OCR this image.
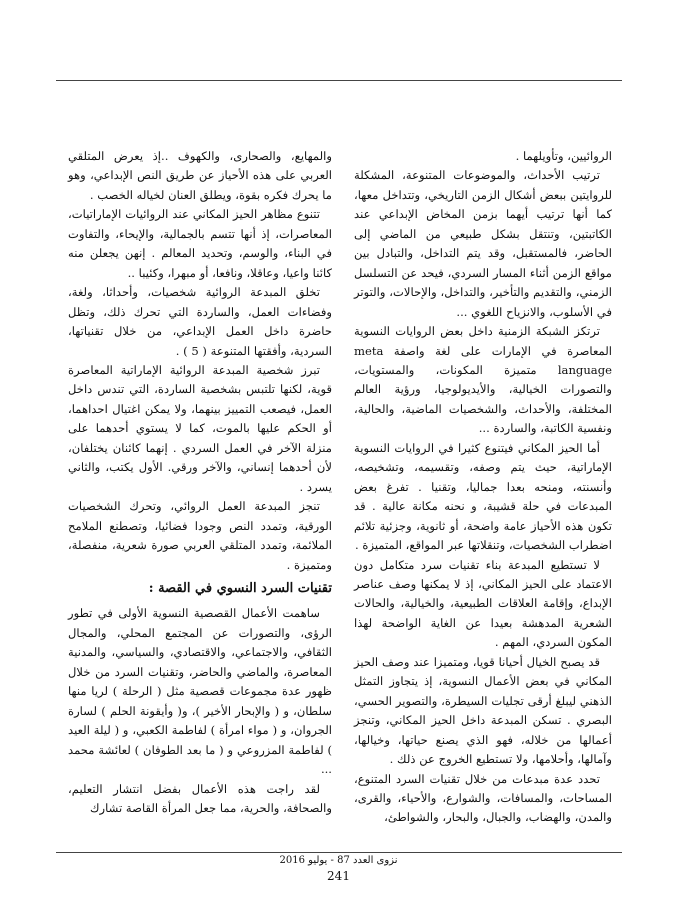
الروائيين، وتأويلهما .

ترتيب الأحداث، والموضوعات المتنوعة، المشكلة للروايتين ببعض أشكال الزمن التاريخي، وتتداخل معها، كما أنها ترتيب أيهما بزمن المخاض الإبداعي عند الكاتبتين، وتنتقل بشكل طبيعي من الماضي إلى الحاضر، فالمستقبل، وقد يتم التداخل، والتبادل بين مواقع الزمن أثناء المسار السردي، فيحد عن التسلسل الزمني، والتقديم والتأخير، والتداخل، والإحالات، والتوتر في الأسلوب، والانزياح اللغوي ...

ترتكز الشبكة الزمنية داخل بعض الروايات النسوية المعاصرة في الإمارات على لغة واصفة meta language متميزة المكونات، والمستويات، والتصورات الخيالية، والأيديولوجيا، ورؤية العالم المختلفة، والأحداث، والشخصيات الماضية، والحالية، ونفسية الكاتبة، والساردة ...

أما الحيز المكاني فيتنوع كثيرا في الروايات النسوية الإماراتية، حيث يتم وصفه، وتقسيمه، وتشخيصه، وأنسنته، ومنحه بعدا جماليا، وتقنيا . تفرغ بعض المبدعات في حلة قشيبة، و نحنه مكانة عالية . قد تكون هذه الأحياز عامة واضحة، أو ثانوية، وجزئية تلائم اضطراب الشخصيات، وتنقلاتها عبر المواقع، المتميزة .

لا تستطيع المبدعة بناء تقنيات سرد متكامل دون الاعتماد على الحيز المكاني، إذ لا يمكنها وصف عناصر الإبداع، وإقامة العلاقات الطبيعية، والخيالية، والحالات الشعرية المدهشة بعيدا عن الغاية الواضحة لهذا المكون السردي، المهم .

قد يصبح الخيال أحيانا قويا، ومتميزا عند وصف الحيز المكاني في بعض الأعمال النسوية، إذ يتجاوز التمثل الذهني ليبلغ أرقى تجليات السيطرة، والتصوير الحسي، البصري . تسكن المبدعة داخل الحيز المكاني، وتنجز أعمالها من خلاله، فهو الذي يصنع حياتها، وخيالها، وآمالها، وأحلامها، ولا تستطيع الخروج عن ذلك .

تحدد عدة مبدعات من خلال تقنيات السرد المتنوع، المساحات، والمسافات، والشوارع، والأحياء، والقرى، والمدن، والهضاب، والجبال، والبحار، والشواطئ،

والمهايع، والصحارى، والكهوف ..إذ يعرض المتلقي العربي على هذه الأحياز عن طريق النص الإبداعي، وهو ما يحرك فكره بقوة، ويطلق العنان لخياله الخصب .

تتنوع مظاهر الحيز المكاني عند الروائيات الإماراتيات، المعاصرات، إذ أنها تتسم بالجمالية، والإيحاء، والتفاوت في البناء، والوسم، وتحديد المعالم . إنهن يجعلن منه كائنا واعيا، وعاقلا، ونافعا، أو مبهرا، وكئيبا ..

تخلق المبدعة الروائية شخصيات، وأحداثا، ولغة، وفضاءات العمل، والساردة التي تحرك ذلك، وتظل حاضرة داخل العمل الإبداعي، من خلال تقنياتها، السردية، وأفقتها المتنوعة ( 5 ) .

تبرز شخصية المبدعة الروائية الإماراتية المعاصرة قوية، لكنها تلتبس بشخصية الساردة، التي تندس داخل العمل، فيصعب التمييز بينهما، ولا يمكن اغتيال احداهما، أو الحكم عليها بالموت، كما لا يستوي أحدهما على منزلة الآخر في العمل السردي . إنهما كائنان يختلفان، لأن أحدهما إنساني، والآخر ورقي. الأول يكتب، والثاني يسرد .

تنجز المبدعة العمل الروائي، وتحرك الشخصيات الورقية، وتمدد النص وجودا فضائيا، وتصطنع الملامح الملائمة، وتمدد المتلقي العربي صورة شعرية، منفصلة، ومتميزة .

تقنيات السرد النسوي في القصة :

ساهمت الأعمال القصصية النسوية الأولى في تطور الرؤى، والتصورات عن المجتمع المحلي، والمجال الثقافي، والاجتماعي، والاقتصادي، والسياسي، والمدنية المعاصرة، والماضي والحاضر، وتقنيات السرد من خلال ظهور عدة مجموعات قصصية مثل ( الرحلة ) لريا منها سلطان، و ( والإبحار الأخير )، و( وأيقونة الحلم ) لسارة الجروان، و ( مواء امرأة ) لفاطمة الكعبي، و ( ليلة العيد ) لفاطمة المزروعي و ( ما بعد الطوفان ) لعائشة محمد ...

لقد راجت هذه الأعمال بفضل انتشار التعليم، والصحافة، والحرية، مما جعل المرأة القاصة تشارك

نزوى العدد 87 - يوليو 2016
241
